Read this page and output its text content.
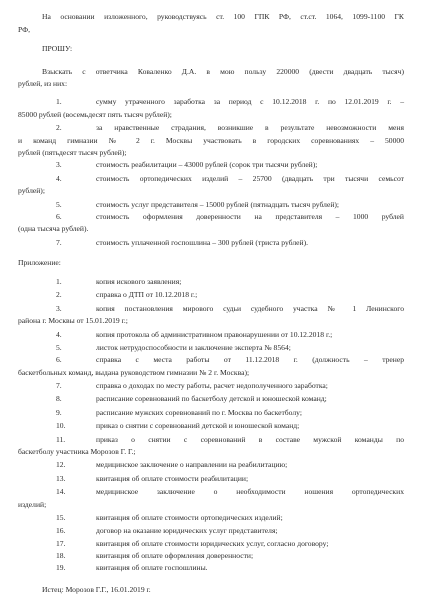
На основании изложенного, руководствуясь ст. 100 ГПК РФ, ст.ст. 1064, 1099-1100 ГК
РФ,
ПРОШУ:
Взыскать с ответчика Коваленко Д.А. в мою пользу 220000 (двести двадцать тысяч)
рублей, из них:
1.	сумму утраченного заработка за период с 10.12.2018 г. по 12.01.2019 г. –
85000 рублей (восемьдесят пять тысяч рублей);
2.	за нравственные страдания, возникшие в результате невозможности меня
и команд гимназии № 2 г. Москвы участвовать в городских соревнованиях – 50000
рублей (пятьдесят тысяч рублей);
3.	стоимость реабилитации – 43000 рублей (сорок три тысячи рублей);
4.	стоимость ортопедических изделий – 25700 (двадцать три тысячи семьсот
рублей);
5.	стоимость услуг представителя – 15000 рублей (пятнадцать тысяч рублей);
6.	стоимость оформления доверенности на представителя – 1000 рублей
(одна тысяча рублей).
7.	стоимость уплаченной госпошлина – 300 рублей (триста рублей).
Приложение:
1.	копия искового заявления;
2.	справка о ДТП от 10.12.2018 г.;
3.	копия постановления мирового судьи судебного участка № 1 Ленинского
района г. Москвы от 15.01.2019 г.;
4.	копия протокола об административном правонарушении от 10.12.2018 г.;
5.	листок нетрудоспособности и заключение эксперта № 8564;
6.	справка с места работы от 11.12.2018 г. (должность – тренер
баскетбольных команд, выдана руководством гимназии № 2 г. Москва);
7.	справка о доходах по месту работы, расчет недополученного заработка;
8.	расписание соревнований по баскетболу детской и юношеской команд;
9.	расписание мужских соревнований по г. Москва по баскетболу;
10.	приказ о снятии с соревнований детской и юношеской команд;
11.	приказ о снятии с соревнований в составе мужской команды по
баскетболу участника Морозов Г. Г.;
12.	медицинское заключение о направлении на реабилитацию;
13.	квитанция об оплате стоимости реабилитации;
14.	медицинское заключение о необходимости ношения ортопедических
изделий;
15.	квитанция об оплате стоимости ортопедических изделий;
16.	договор на оказание юридических услуг представителя;
17.	квитанция об оплате стоимости юридических услуг, согласно договору;
18.	квитанция об оплате оформления доверенности;
19.	квитанция об оплате госпошлины.
Истец: Морозов Г.Г., 16.01.2019 г.
